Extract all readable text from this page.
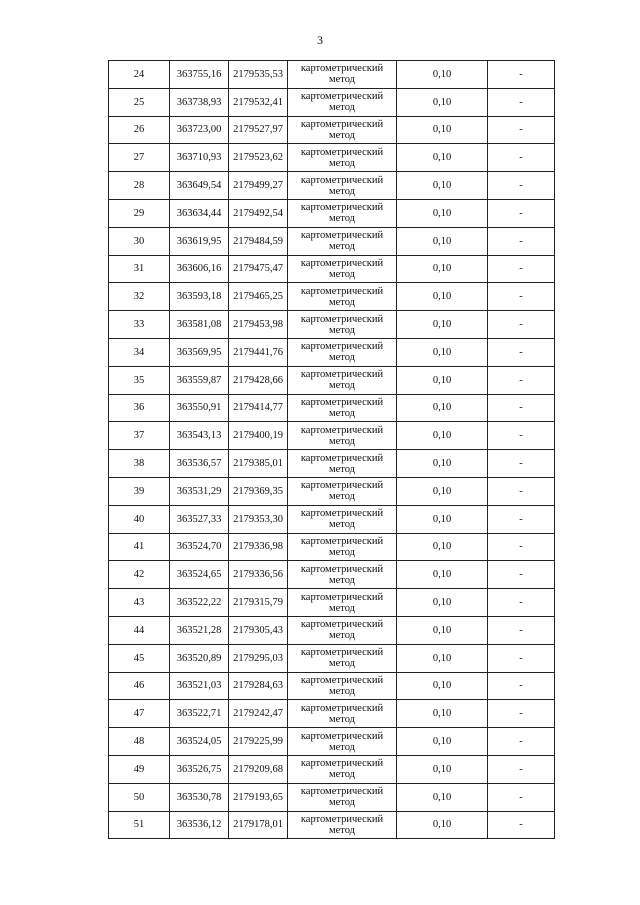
3
24	363755,16	2179535,53	картометрический метод	0,10	-
25	363738,93	2179532,41	картометрический метод	0,10	-
26	363723,00	2179527,97	картометрический метод	0,10	-
27	363710,93	2179523,62	картометрический метод	0,10	-
28	363649,54	2179499,27	картометрический метод	0,10	-
29	363634,44	2179492,54	картометрический метод	0,10	-
30	363619,95	2179484,59	картометрический метод	0,10	-
31	363606,16	2179475,47	картометрический метод	0,10	-
32	363593,18	2179465,25	картометрический метод	0,10	-
33	363581,08	2179453,98	картометрический метод	0,10	-
34	363569,95	2179441,76	картометрический метод	0,10	-
35	363559,87	2179428,66	картометрический метод	0,10	-
36	363550,91	2179414,77	картометрический метод	0,10	-
37	363543,13	2179400,19	картометрический метод	0,10	-
38	363536,57	2179385,01	картометрический метод	0,10	-
39	363531,29	2179369,35	картометрический метод	0,10	-
40	363527,33	2179353,30	картометрический метод	0,10	-
41	363524,70	2179336,98	картометрический метод	0,10	-
42	363524,65	2179336,56	картометрический метод	0,10	-
43	363522,22	2179315,79	картометрический метод	0,10	-
44	363521,28	2179305,43	картометрический метод	0,10	-
45	363520,89	2179295,03	картометрический метод	0,10	-
46	363521,03	2179284,63	картометрический метод	0,10	-
47	363522,71	2179242,47	картометрический метод	0,10	-
48	363524,05	2179225,99	картометрический метод	0,10	-
49	363526,75	2179209,68	картометрический метод	0,10	-
50	363530,78	2179193,65	картометрический метод	0,10	-
51	363536,12	2179178,01	картометрический метод	0,10	-
